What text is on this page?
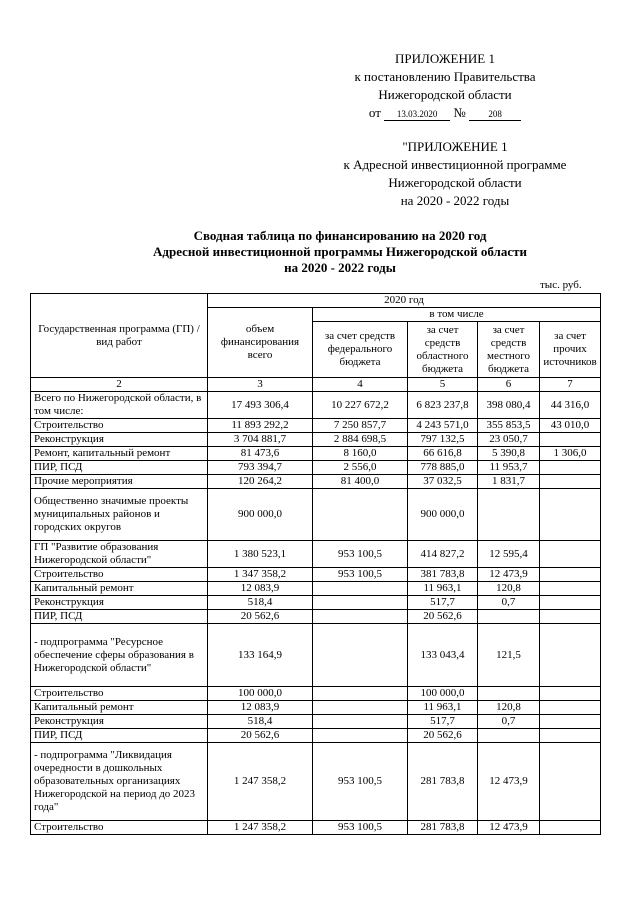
ПРИЛОЖЕНИЕ 1
к постановлению Правительства
Нижегородской области
от 13.03.2020 №	208
"ПРИЛОЖЕНИЕ 1
к Адресной инвестиционной программе
Нижегородской области
на 2020 - 2022 годы
Сводная таблица по финансированию на 2020 год
Адресной инвестиционной программы Нижегородской области
на 2020 - 2022 годы
тыс. руб.
Государственная программа (ГП) / вид работ	2020 год				
	объем финансирования всего	в том числе			
		за счет средств федерального бюджета	за счет средств областного бюджета	за счет средств местного бюджета	за счет прочих источников
2	3	4	5	6	7
Всего по Нижегородской области, в том числе:	17 493 306,4	10 227 672,2	6 823 237,8	398 080,4	44 316,0
Строительство	11 893 292,2	7 250 857,7	4 243 571,0	355 853,5	43 010,0
Реконструкция	3 704 881,7	2 884 698,5	797 132,5	23 050,7	
Ремонт, капитальный ремонт	81 473,6	8 160,0	66 616,8	5 390,8	1 306,0
ПИР, ПСД	793 394,7	2 556,0	778 885,0	11 953,7	
Прочие мероприятия	120 264,2	81 400,0	37 032,5	1 831,7	
Общественно значимые проекты муниципальных районов и городских округов	900 000,0		900 000,0		
ГП "Развитие образования Нижегородской области"	1 380 523,1	953 100,5	414 827,2	12 595,4	
Строительство	1 347 358,2	953 100,5	381 783,8	12 473,9	
Капитальный ремонт	12 083,9		11 963,1	120,8	
Реконструкция	518,4		517,7	0,7	
ПИР, ПСД	20 562,6		20 562,6		
- подпрограмма "Ресурсное обеспечение сферы образования в Нижегородской области"	133 164,9		133 043,4	121,5	
Строительство	100 000,0		100 000,0		
Капитальный ремонт	12 083,9		11 963,1	120,8	
Реконструкция	518,4		517,7	0,7	
ПИР, ПСД	20 562,6		20 562,6		
- подпрограмма "Ликвидация очередности в дошкольных образовательных организациях Нижегородской на период до 2023 года"	1 247 358,2	953 100,5	281 783,8	12 473,9	
Строительство	1 247 358,2	953 100,5	281 783,8	12 473,9	
